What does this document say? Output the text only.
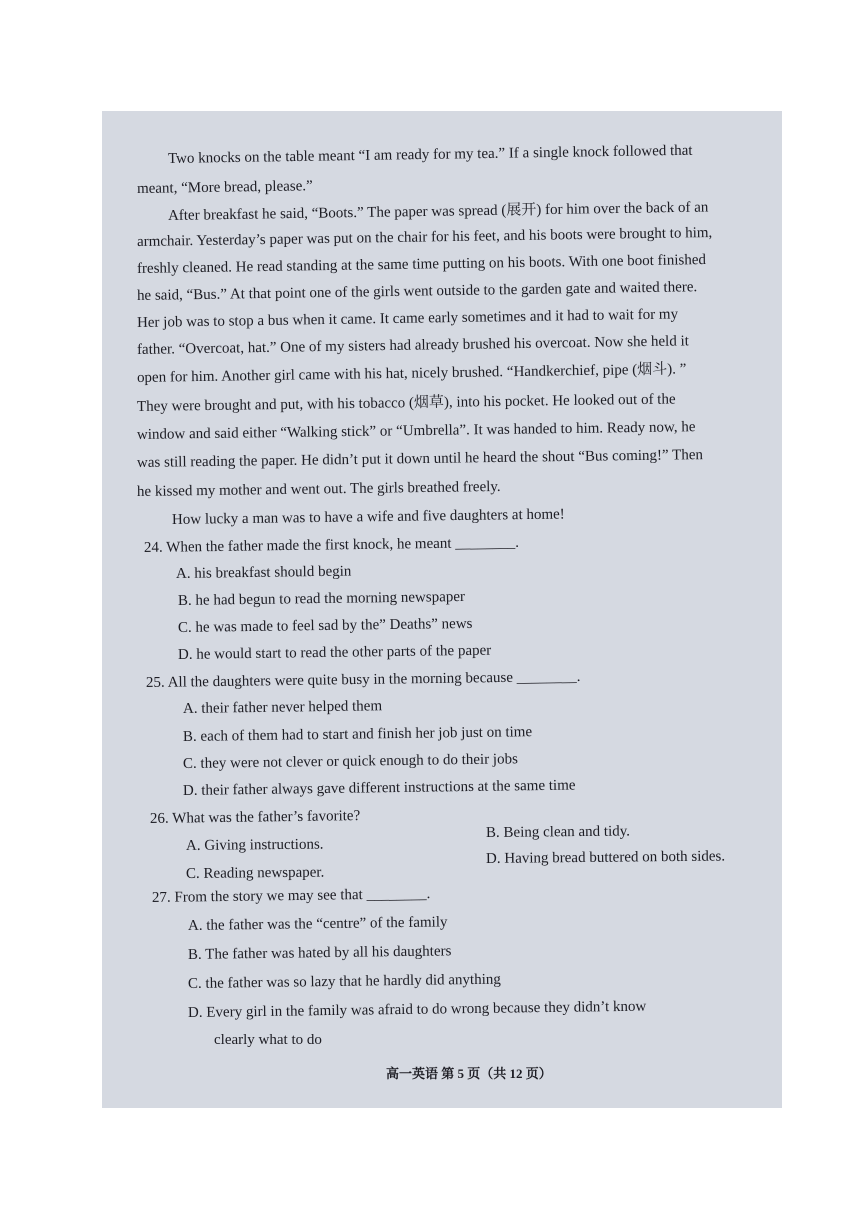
Two knocks on the table meant “I am ready for my tea.” If a single knock followed that
meant, “More bread, please.”
After breakfast he said, “Boots.” The paper was spread (展开) for him over the back of an
armchair. Yesterday’s paper was put on the chair for his feet, and his boots were brought to him,
freshly cleaned. He read standing at the same time putting on his boots. With one boot finished
he said, “Bus.” At that point one of the girls went outside to the garden gate and waited there.
Her job was to stop a bus when it came. It came early sometimes and it had to wait for my
father. “Overcoat, hat.” One of my sisters had already brushed his overcoat. Now she held it
open for him. Another girl came with his hat, nicely brushed. “Handkerchief, pipe (烟斗). ”
They were brought and put, with his tobacco (烟草), into his pocket. He looked out of the
window and said either “Walking stick” or “Umbrella”. It was handed to him. Ready now, he
was still reading the paper. He didn’t put it down until he heard the shout “Bus coming!” Then
he kissed my mother and went out. The girls breathed freely.
How lucky a man was to have a wife and five daughters at home!
24. When the father made the first knock, he meant ________.
A. his breakfast should begin
B. he had begun to read the morning newspaper
C. he was made to feel sad by the” Deaths” news
D. he would start to read the other parts of the paper
25. All the daughters were quite busy in the morning because ________.
A. their father never helped them
B. each of them had to start and finish her job just on time
C. they were not clever or quick enough to do their jobs
D. their father always gave different instructions at the same time
26. What was the father’s favorite?
A. Giving instructions.
B. Being clean and tidy.
C. Reading newspaper.
D. Having bread buttered on both sides.
27. From the story we may see that ________.
A. the father was the “centre” of the family
B. The father was hated by all his daughters
C. the father was so lazy that he hardly did anything
D. Every girl in the family was afraid to do wrong because they didn’t know
clearly what to do
高一英语 第 5 页（共 12 页）
